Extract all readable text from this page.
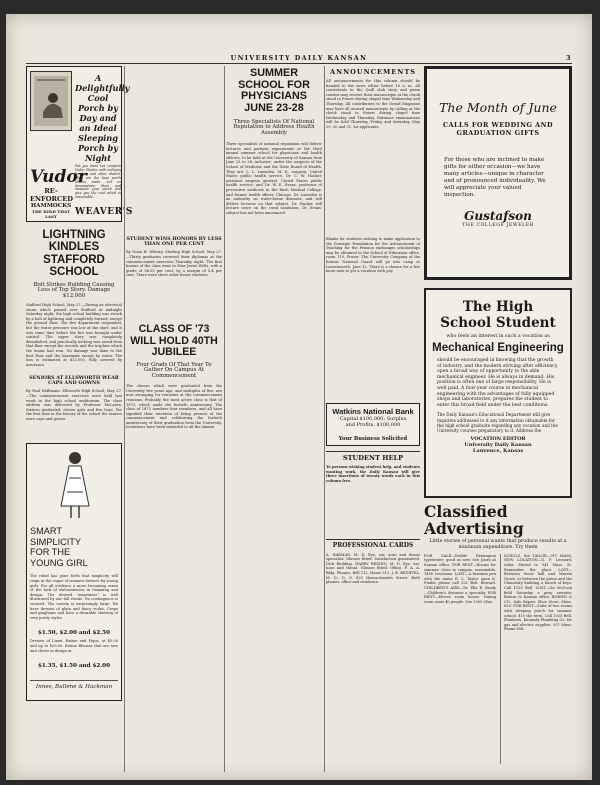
UNIVERSITY DAILY KANSAN	3
A Delightfully Cool Porch by Day and an Ideal Sleeping Porch by Night
Put you most not compare Vudor Shades with ordinary Bamboo and other shades. They are the best porch shades made. Let us demonstrate them and measure your porch and give you the cost which is reasonable.
Vudor
RE-ENFORCED
HAMMOCKS
THE KIND THAT LAST	WEAVER'S
LIGHTNING KINDLES STAFFORD SCHOOL
Bolt Strikes Building Causing Loss of Top Story. Damage $12,000
Stafford High School, May 27.—During an electrical storm which passed over Stafford at midnight Saturday night, the high school building was struck by a bolt of lightning and completely burned, except the ground floor. The fire department responded, but the water pressure was low at the start, and it was some time before the fire was brought under control. The upper story was completely demolished, and practically nothing was saved from that floor except the records and the trophies which the teams had won. No damage was done to the first floor and the basement except by water. The loss is estimated at $12,000, fully covered by insurance.
SENIORS AT ELLSWORTH WEAR CAPS AND GOWNS
By Paul Hoffmann. Ellsworth High School, May 27.—The commencement exercises were held last week in the high school auditorium. The class address was delivered by Professor McLaren. Sixteen graduated, eleven girls and five boys. For the first time in the history of the school the seniors wore caps and gowns.
SMART
SIMPLICITY
FOR THE
YOUNG GIRL
The relief has gone forth that simplicity will reign in the vogue of summer dresses for young girls. For all evidence a more becoming sense of the lack of elaborateness in trimming and design. The desired "smartness" is well illustrated by our fall stocks. No contingence is secured. The variety is surprisingly large. We have dresses of plain and fancy voiles, Crepe and ginghams and have a desirable showing of very pretty styles.
$1.50, $2.00 and $2.50
Dresses of Linen, Ratine and Pique, at $5.00 and up to $20.00. Ratine Blouses that are new and clever in design at
$1.35, $1.50 and $2.00
Innes, Bullene & Hackman
STUDENT WINS HONORS BY LESS THAN ONE PER CENT
By Nona H. Wherry. Sterling High School, May 27.—Thirty graduates received their diplomas at the commencement exercises Thursday night. The first honors of the class went to Miss Jessie Wells, with a grade of 94.55 per cent, by a margin of 0.4 per cent. There were three other honor students.
CLASS OF '73 WILL HOLD 40TH JUBILEE
Four Grads Of That Year To Gather On Campus At Commencement
The classes which were graduated from the University five years ago, and multiples of five, are now arranging for reunions at the commencement reunions. Probably the most active class is that of 1873, which made the fortieth anniversary. The class of 1873 numbers four members, and all have signified their intention of being present at the commencement and celebrating the fortieth anniversary of their graduation from the University. Invitations have been extended to all the alumni.
SUMMER SCHOOL FOR PHYSICIANS JUNE 23-28
Three Specialists Of National Reputation to Address Health Assembly
Three specialists of national reputation will deliver lectures and perform experiments at the third annual summer school for physicians and health officers, to be held at the University of Kansas from June 23 to 28, inclusive, under the auspices of the School of Medicine and the State Board of Health. They are: L. L. Lumsden, M. D., surgeon, United States public health service, Dr. C. W. Hacker, assistant surgeon general, United States public health service, and Dr. W. E. Evans, professor of preventive medicine in the Rush Medical College, and former health officer, Chicago. Dr. Lumsden is an authority on water-borne diseases, and will deliver lectures on that subject. Dr. Hacker will lecture twice on the rural sanitation. Dr. Evans' subject has not been announced.
ANNOUNCEMENTS
All announcements for this column should be handed to the news editor before 10 a. m. All contestants in the Quill club story and poem contest may receive their manuscripts at the check stand in Fraser during chapel time Wednesday and Thursday. All contributors to the Oread Magazine may have all unused manuscripts by calling at the check stand in Fraser during chapel time Wednesday and Thursday. Entrance examinations will be held Thursday, Friday and Saturday, May 29, 30 and 31, for applicants.
Blanks for students wishing to make application to the Carnegie Foundation for the Advancement of Teaching for the Pension exchanges scholarships may be obtained in the School of Education office, room 119, Fraser. The University Company of the Kansas National Guard will go into camp at Leavenworth, June 12. There is a chance for a few more men to get a vacation with pay.
Watkins National Bank
Capital $100,000; Surplus
and Profits, $100,000
Your Business Solicited
STUDENT HELP
To persons wishing student help, and students wanting work, the Daily Kansan will give three insertions of twenty words each in this column free.
PROFESSIONAL CARDS
A. HARMAN, M. D. Eye, ear, nose and throat specialist. Glasses fitted. Satisfaction guaranteed. Dick Building. HARRY REDING, M. D. Eye, ear, nose and throat. Glasses fitted. Office, F. A. A. Bldg. Phones, Bell 112, Home 312. J. R. BECHTEL, M. D., D. O. 833 Massachusetts Street. Both phones, office and residence.
The Month of June
CALLS FOR WEDDING AND
GRADUATION GIFTS
For those who are inclined to make gifts for either occasion—we have many articles—unique in character and of pronounced individuality. We will appreciate your valued inspection.
Gustafson
THE COLLEGE JEWELER
The High
School Student
who feels an interest in such a vocation as
Mechanical Engineering
should be encouraged in knowing that the growth of industry, and the modern striving after efficiency, open a broad way of opportunity to the able mechanical engineer. He is always in demand. His position is often one of large responsibility. He is well paid. A four-year course in mechanical engineering with the advantages of fully equipped shops and laboratories, prepares the student to enter this broad field under the best conditions.
The Daily Kansan's Educational Department will give inquiries addressed to it any information obtainable for the high school graduate regarding any vocation and the University courses preparatory to it. Address the
VOCATION EDITOR
University Daily Kansan
Lawrence, Kansas
Classified Advertising
Little stories of personal wants that produce results at a minimum expenditure. Try them
FOR SALE—Visible Remington typewriter; good as new. See Jones at Kansan office. FOR RENT—Rooms for summer, close to campus, reasonable. 1400 Louisiana. LOST—A fountain pen with the name R. L. Taylor upon it. Finder please call 321 Bell. Reward. CHILDREN'S AIRS—Dr. Ella E. Brady—Children's diseases a specialty. FOR RENT—Eleven room house. Dining room seats 40 people. See 1309 Ohio.
SCHULZ, the TAILOR—911 MASS. NEW LOCATION—G. P. Leonard, tailor. Moved to 941 Mass. St. Remember the place. LOST—Between Snow hall and Marvin Grove, or between the green and the Chemistry building a bunch of keys. Call 1125 Bell. LOST—On McCook field Saturday a gray sweater. Return to Kansan office. BOWEN & CO., Sale Repair. Shoe Store, Mass. 839. FOR RENT—Suite of two rooms with sleeping porch for summer school. $10 the term. Call 1025 Bell. Plumbers. Kennedy Plumbing Co. for gas and electric supplies. 937 Mass. Phone 658.
